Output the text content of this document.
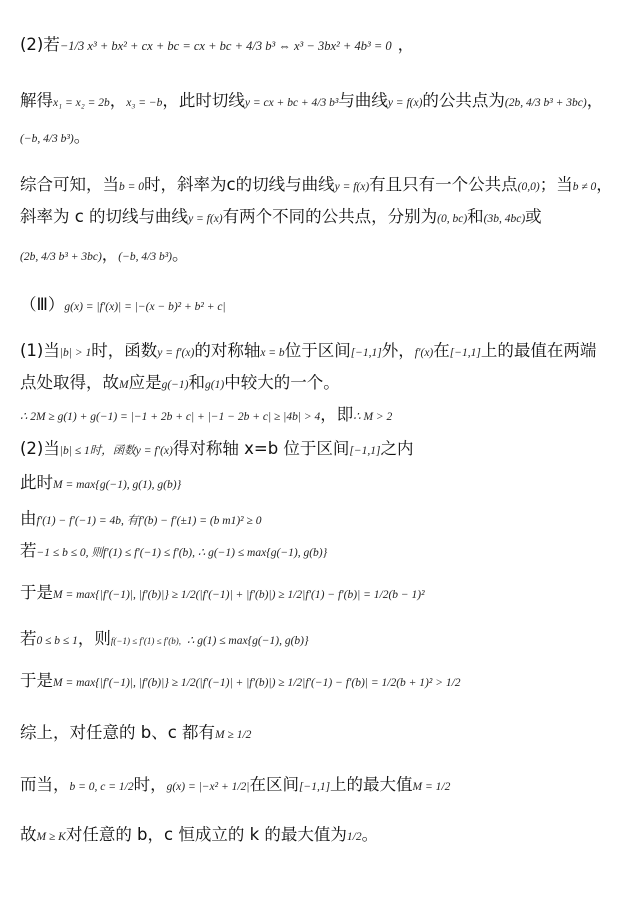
(2)若−1/3 x³ + bx² + cx + bc = cx + bc + 4/3 b³ ⇔ x³ − 3bx² + 4b³ = 0 ，
解得x₁ = x₂ = 2b，x₃ = −b，此时切线y = cx + bc + 4/3 b³与曲线y = f(x)的公共点为(2b, 4/3 b³ + 3bc)，
(−b, 4/3 b³)。
综合可知，当b = 0时，斜率为c的切线与曲线y = f(x)有且只有一个公共点(0,0)；当b ≠ 0，
斜率为 c 的切线与曲线y = f(x)有两个不同的公共点，分别为(0, bc)和(3b, 4bc)或
(2b, 4/3 b³ + 3bc)，(−b, 4/3 b³)。
（Ⅲ）g(x) = |f′(x)| = |−(x − b)² + b² + c|
(1)当|b| > 1时，函数y = f′(x)的对称轴x = b位于区间[−1,1]外，f′(x)在[−1,1]上的最值在两端
点处取得，故M应是g(−1)和g(1)中较大的一个。
∴ 2M ≥ g(1) + g(−1) = |−1 + 2b + c| + |−1 − 2b + c| ≥ |4b| > 4，即∴ M > 2
(2)当|b| ≤ 1时，函数y = f′(x)得对称轴 x=b 位于区间[−1,1]之内
此时M = max{g(−1), g(1), g(b)}
由f′(1) − f′(−1) = 4b, 有f′(b) − f′(±1) = (b m1)² ≥ 0
若−1 ≤ b ≤ 0, 则f′(1) ≤ f′(−1) ≤ f′(b), ∴ g(−1) ≤ max{g(−1), g(b)}
于是M = max{|f′(−1)|, |f′(b)|} ≥ 1/2(|f′(−1)| + |f′(b)|) ≥ 1/2|f′(1) − f′(b)| = 1/2(b − 1)²
若0 ≤ b ≤ 1，则f(−1) ≤ f′(1) ≤ f′(b), ∴ g(1) ≤ max{g(−1), g(b)}
于是M = max{|f′(−1)|, |f′(b)|} ≥ 1/2(|f′(−1)| + |f′(b)|) ≥ 1/2|f′(−1) − f′(b)| = 1/2(b + 1)² > 1/2
综上，对任意的 b、c 都有M ≥ 1/2
而当，b = 0, c = 1/2时，g(x) = |−x² + 1/2|在区间[−1,1]上的最大值M = 1/2
故M ≥ K对任意的 b，c 恒成立的 k 的最大值为1/2。
